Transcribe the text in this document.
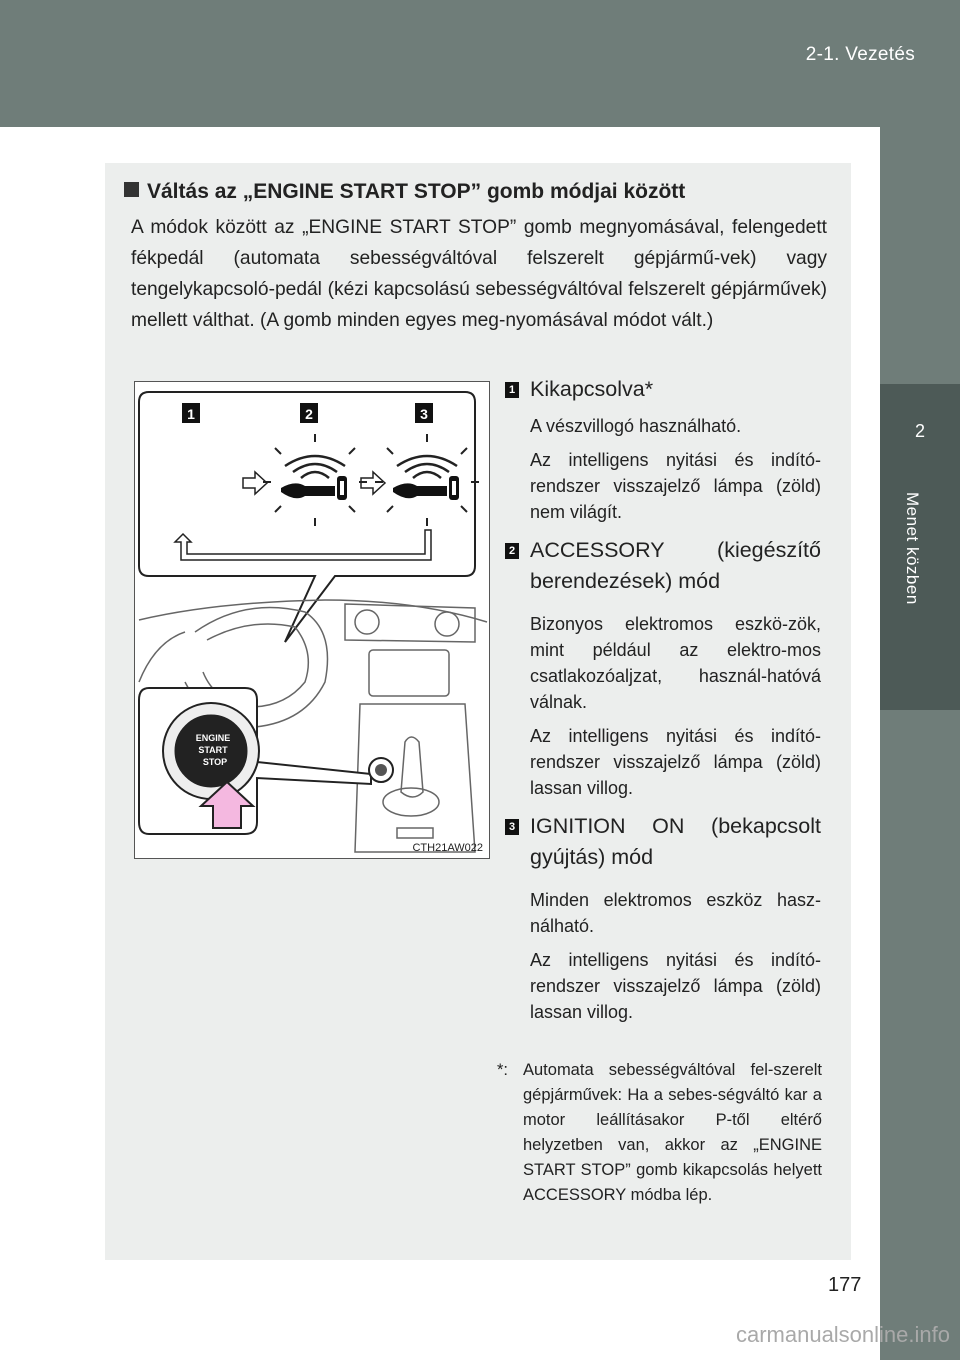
2-1. Vezetés
2
Menet közben
Váltás az „ENGINE START STOP” gomb módjai között
A módok között az „ENGINE START STOP” gomb megnyomásával, felengedett fékpedál (automata sebességváltóval felszerelt gépjármű-vek) vagy tengelykapcsoló-pedál (kézi kapcsolású sebességváltóval felszerelt gépjárművek) mellett válthat. (A gomb minden egyes meg-nyomásával módot vált.)
1	2	3
ENGINE
START
STOP
CTH21AW022
1 Kikapcsolva*
A vészvillogó használható.
Az intelligens nyitási és indító-rendszer visszajelző lámpa (zöld) nem világít.
2 ACCESSORY (kiegészítő berendezések) mód
Bizonyos elektromos eszkö-zök, mint például az elektro-mos csatlakozóaljzat, használ-hatóvá válnak.
Az intelligens nyitási és indító-rendszer visszajelző lámpa (zöld) lassan villog.
3 IGNITION ON (bekapcsolt gyújtás) mód
Minden elektromos eszköz hasz-nálható.
Az intelligens nyitási és indító-rendszer visszajelző lámpa (zöld) lassan villog.
*: Automata sebességváltóval fel-szerelt gépjárművek: Ha a sebes-ségváltó kar a motor leállításakor P-től eltérő helyzetben van, akkor az „ENGINE START STOP” gomb kikapcsolás helyett ACCESSORY módba lép.
177
carmanualsonline.info
